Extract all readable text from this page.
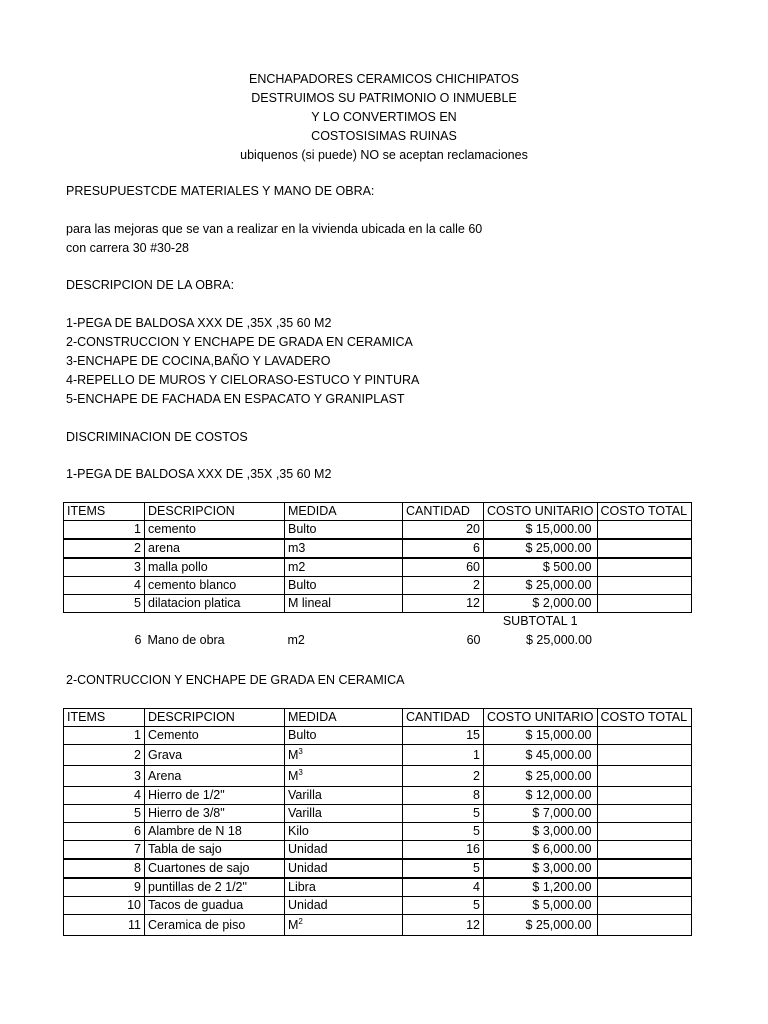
ENCHAPADORES CERAMICOS CHICHIPATOS
DESTRUIMOS SU PATRIMONIO O INMUEBLE
Y LO CONVERTIMOS EN
COSTOSISIMAS RUINAS
ubiquenos (si puede) NO se aceptan reclamaciones
PRESUPUESTCDE MATERIALES Y MANO DE OBRA:
para las mejoras que se van a realizar en la vivienda ubicada en la calle 60
con carrera 30 #30-28
DESCRIPCION DE LA OBRA:
1-PEGA DE BALDOSA XXX DE ,35X ,35 60 M2
2-CONSTRUCCION Y ENCHAPE DE GRADA EN CERAMICA
3-ENCHAPE DE COCINA,BAÑO Y LAVADERO
4-REPELLO DE MUROS Y CIELORASO-ESTUCO Y PINTURA
5-ENCHAPE DE FACHADA EN ESPACATO Y GRANIPLAST
DISCRIMINACION DE COSTOS
1-PEGA DE BALDOSA XXX DE ,35X ,35 60 M2
ITEMS	DESCRIPCION	MEDIDA	CANTIDAD	COSTO UNITARIO	COSTO TOTAL
1	cemento	Bulto	20	$ 15,000.00	
2	arena	m3	6	$ 25,000.00	
3	malla pollo	m2	60	$ 500.00	
4	cemento blanco	Bulto	2	$ 25,000.00	
5	dilatacion platica	M lineal	12	$ 2,000.00	
				SUBTOTAL 1	
6	Mano de obra	m2	60	$ 25,000.00	
2-CONTRUCCION Y ENCHAPE DE GRADA EN CERAMICA
ITEMS	DESCRIPCION	MEDIDA	CANTIDAD	COSTO UNITARIO	COSTO TOTAL
1	Cemento	Bulto	15	$ 15,000.00	
2	Grava	$M^3$	1	$ 45,000.00	
3	Arena	$M^3$	2	$ 25,000.00	
4	Hierro de 1/2"	Varilla	8	$ 12,000.00	
5	Hierro de 3/8"	Varilla	5	$ 7,000.00	
6	Alambre de N 18	Kilo	5	$ 3,000.00	
7	Tabla de sajo	Unidad	16	$ 6,000.00	
8	Cuartones de sajo	Unidad	5	$ 3,000.00	
9	puntillas de 2 1/2"	Libra	4	$ 1,200.00	
10	Tacos de guadua	Unidad	5	$ 5,000.00	
11	Ceramica de piso	$M^2$	12	$ 25,000.00	
